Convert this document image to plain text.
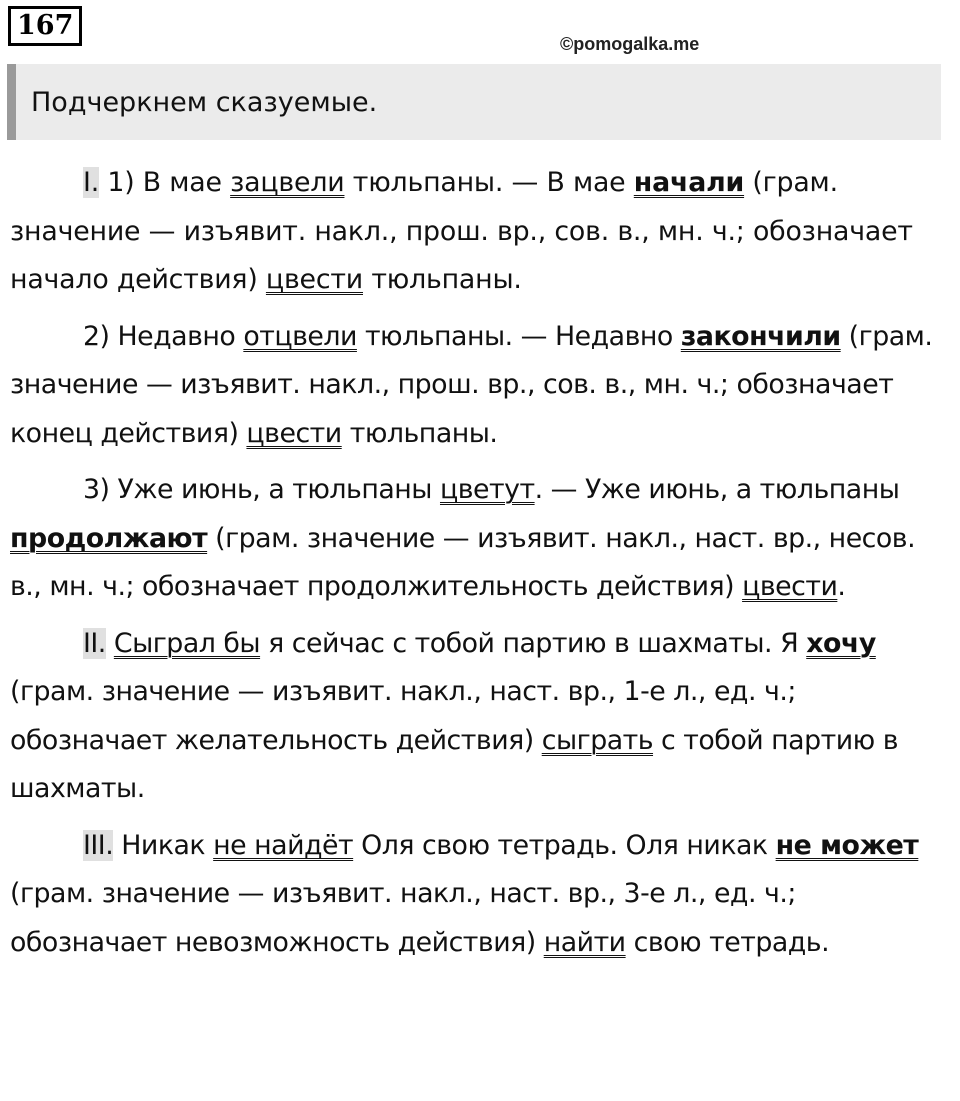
167
©pomogalka.me
Подчеркнем сказуемые.

I. 1) В мае зацвели тюльпаны. — В мае начали (грам. значение — изъявит. накл., прош. вр., сов. в., мн. ч.; обозначает начало действия) цвести тюльпаны.

2) Недавно отцвели тюльпаны. — Недавно закончили (грам. значение — изъявит. накл., прош. вр., сов. в., мн. ч.; обозначает конец действия) цвести тюльпаны.

3) Уже июнь, а тюльпаны цветут. — Уже июнь, а тюльпаны продолжают (грам. значение — изъявит. накл., наст. вр., несов. в., мн. ч.; обозначает продолжительность действия) цвести.

II. Сыграл бы я сейчас с тобой партию в шахматы. Я хочу (грам. значение — изъявит. накл., наст. вр., 1-е л., ед. ч.; обозначает желательность действия) сыграть с тобой партию в шахматы.

III. Никак не найдёт Оля свою тетрадь. Оля никак не может (грам. значение — изъявит. накл., наст. вр., 3-е л., ед. ч.; обозначает невозможность действия) найти свою тетрадь.
